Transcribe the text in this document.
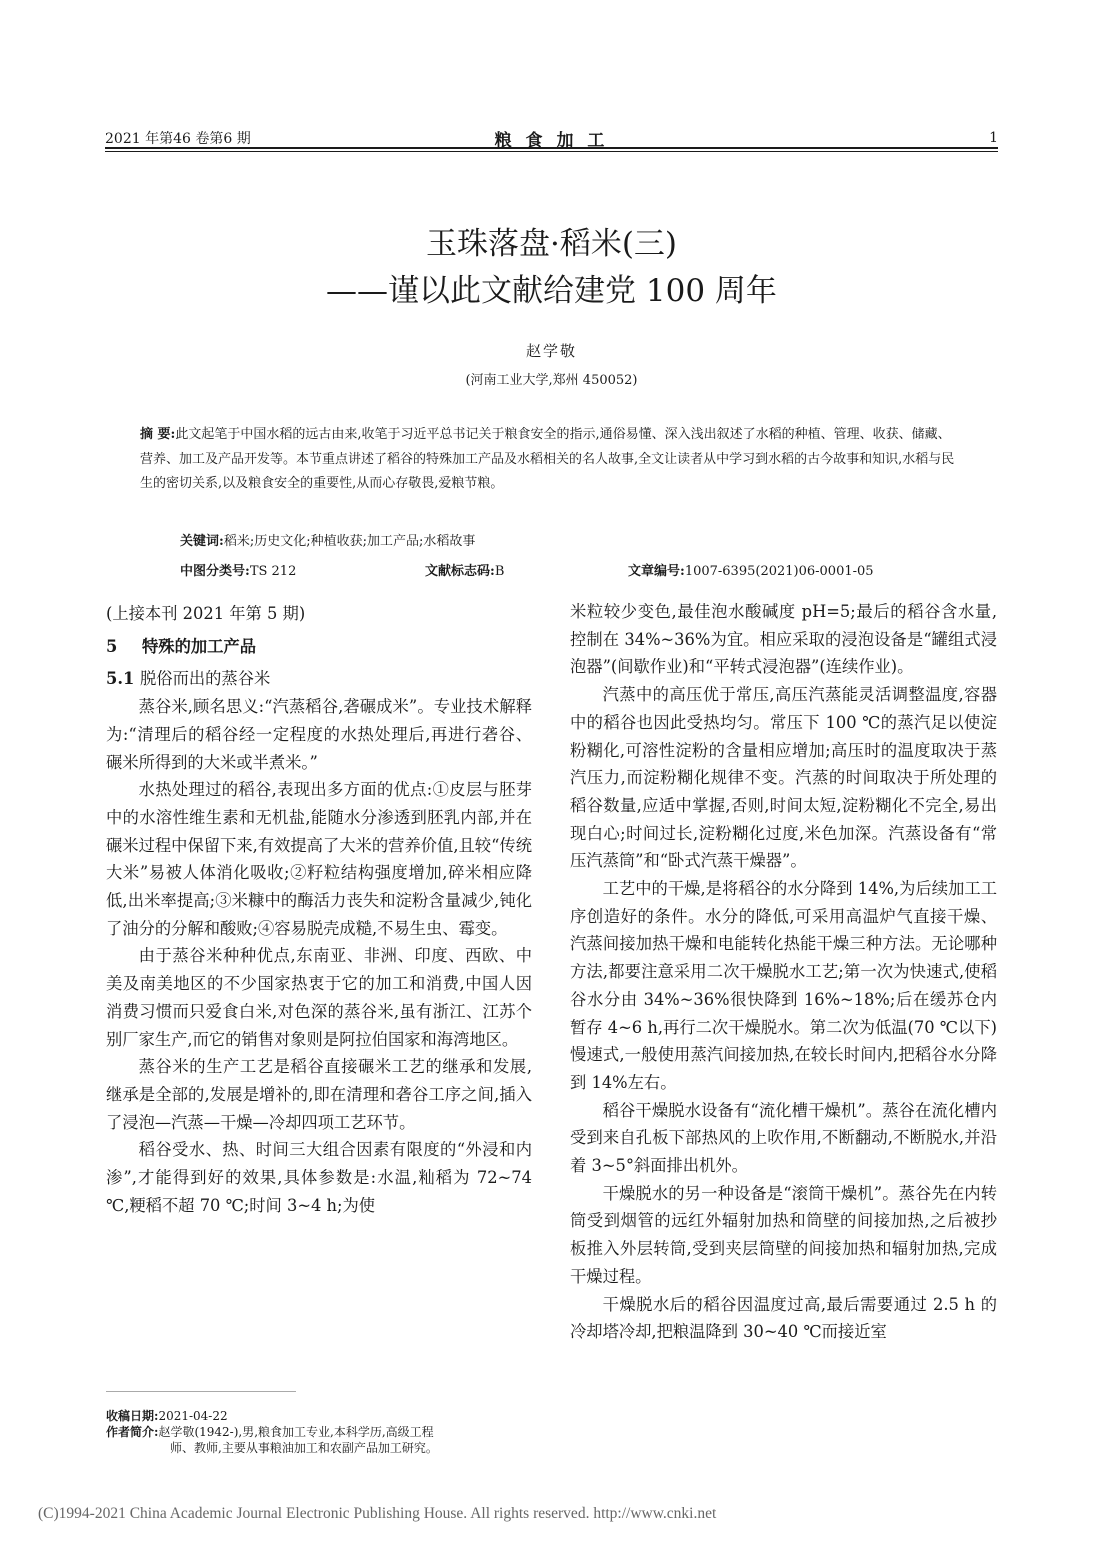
2021 年第46 卷第6 期	粮 食 加 工	1
玉珠落盘·稻米(三)
——谨以此文献给建党 100 周年
赵学敬
(河南工业大学,郑州 450052)
摘 要:此文起笔于中国水稻的远古由来,收笔于习近平总书记关于粮食安全的指示,通俗易懂、深入浅出叙述了水稻的种植、管理、收获、储藏、营养、加工及产品开发等。本节重点讲述了稻谷的特殊加工产品及水稻相关的名人故事,全文让读者从中学习到水稻的古今故事和知识,水稻与民生的密切关系,以及粮食安全的重要性,从而心存敬畏,爱粮节粮。
关键词:稻米;历史文化;种植收获;加工产品;水稻故事
中图分类号:TS 212	文献标志码:B	文章编号:1007-6395(2021)06-0001-05

(上接本刊 2021 年第 5 期)

5 特殊的加工产品

5.1 脱俗而出的蒸谷米

蒸谷米,顾名思义:“汽蒸稻谷,砻碾成米”。专业技术解释为:“清理后的稻谷经一定程度的水热处理后,再进行砻谷、碾米所得到的大米或半煮米。”

水热处理过的稻谷,表现出多方面的优点:①皮层与胚芽中的水溶性维生素和无机盐,能随水分渗透到胚乳内部,并在碾米过程中保留下来,有效提高了大米的营养价值,且较“传统大米”易被人体消化吸收;②籽粒结构强度增加,碎米相应降低,出米率提高;③米糠中的酶活力丧失和淀粉含量减少,钝化了油分的分解和酸败;④容易脱壳成糙,不易生虫、霉变。

由于蒸谷米种种优点,东南亚、非洲、印度、西欧、中美及南美地区的不少国家热衷于它的加工和消费,中国人因消费习惯而只爱食白米,对色深的蒸谷米,虽有浙江、江苏个别厂家生产,而它的销售对象则是阿拉伯国家和海湾地区。

蒸谷米的生产工艺是稻谷直接碾米工艺的继承和发展,继承是全部的,发展是增补的,即在清理和砻谷工序之间,插入了浸泡—汽蒸—干燥—冷却四项工艺环节。

稻谷受水、热、时间三大组合因素有限度的“外浸和内渗”,才能得到好的效果,具体参数是:水温,籼稻为 72~74 ℃,粳稻不超 70 ℃;时间 3~4 h;为使

米粒较少变色,最佳泡水酸碱度 pH=5;最后的稻谷含水量,控制在 34%~36%为宜。相应采取的浸泡设备是“罐组式浸泡器”(间歇作业)和“平转式浸泡器”(连续作业)。

汽蒸中的高压优于常压,高压汽蒸能灵活调整温度,容器中的稻谷也因此受热均匀。常压下 100 ℃的蒸汽足以使淀粉糊化,可溶性淀粉的含量相应增加;高压时的温度取决于蒸汽压力,而淀粉糊化规律不变。汽蒸的时间取决于所处理的稻谷数量,应适中掌握,否则,时间太短,淀粉糊化不完全,易出现白心;时间过长,淀粉糊化过度,米色加深。汽蒸设备有“常压汽蒸筒”和“卧式汽蒸干燥器”。

工艺中的干燥,是将稻谷的水分降到 14%,为后续加工工序创造好的条件。水分的降低,可采用高温炉气直接干燥、汽蒸间接加热干燥和电能转化热能干燥三种方法。无论哪种方法,都要注意采用二次干燥脱水工艺;第一次为快速式,使稻谷水分由 34%~36%很快降到 16%~18%;后在缓苏仓内暂存 4~6 h,再行二次干燥脱水。第二次为低温(70 ℃以下)慢速式,一般使用蒸汽间接加热,在较长时间内,把稻谷水分降到 14%左右。

稻谷干燥脱水设备有“流化槽干燥机”。蒸谷在流化槽内受到来自孔板下部热风的上吹作用,不断翻动,不断脱水,并沿着 3~5°斜面排出机外。

干燥脱水的另一种设备是“滚筒干燥机”。蒸谷先在内转筒受到烟管的远红外辐射加热和筒壁的间接加热,之后被抄板推入外层转筒,受到夹层筒壁的间接加热和辐射加热,完成干燥过程。

干燥脱水后的稻谷因温度过高,最后需要通过 2.5 h 的冷却塔冷却,把粮温降到 30~40 ℃而接近室

收稿日期:2021-04-22
作者简介:赵学敬(1942-),男,粮食加工专业,本科学历,高级工程
师、教师,主要从事粮油加工和农副产品加工研究。
(C)1994-2021 China Academic Journal Electronic Publishing House. All rights reserved. http://www.cnki.net
